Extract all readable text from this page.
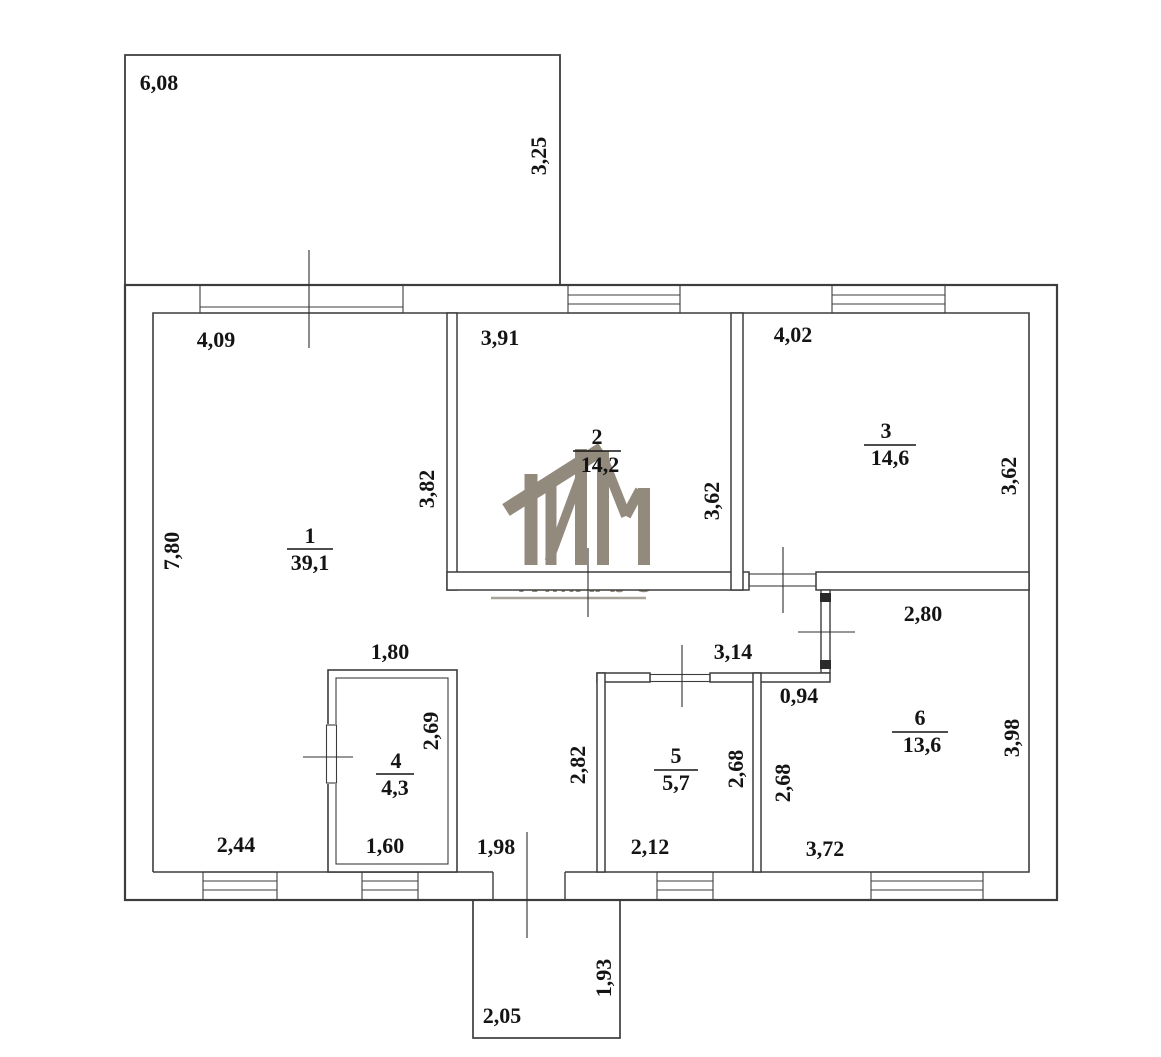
1
39,1
2
14,2
3
14,6
4
4,3
5
5,7
6
13,6
6,08
3,25
4,09
7,80
2,44
3,91
3,82	3,62
4,02
3,62
3,14
1,80
2,69
1,60	1,98
2,82	2,68
2,12
2,80
0,94
2,68
3,98
3,72
2,05
1,93
